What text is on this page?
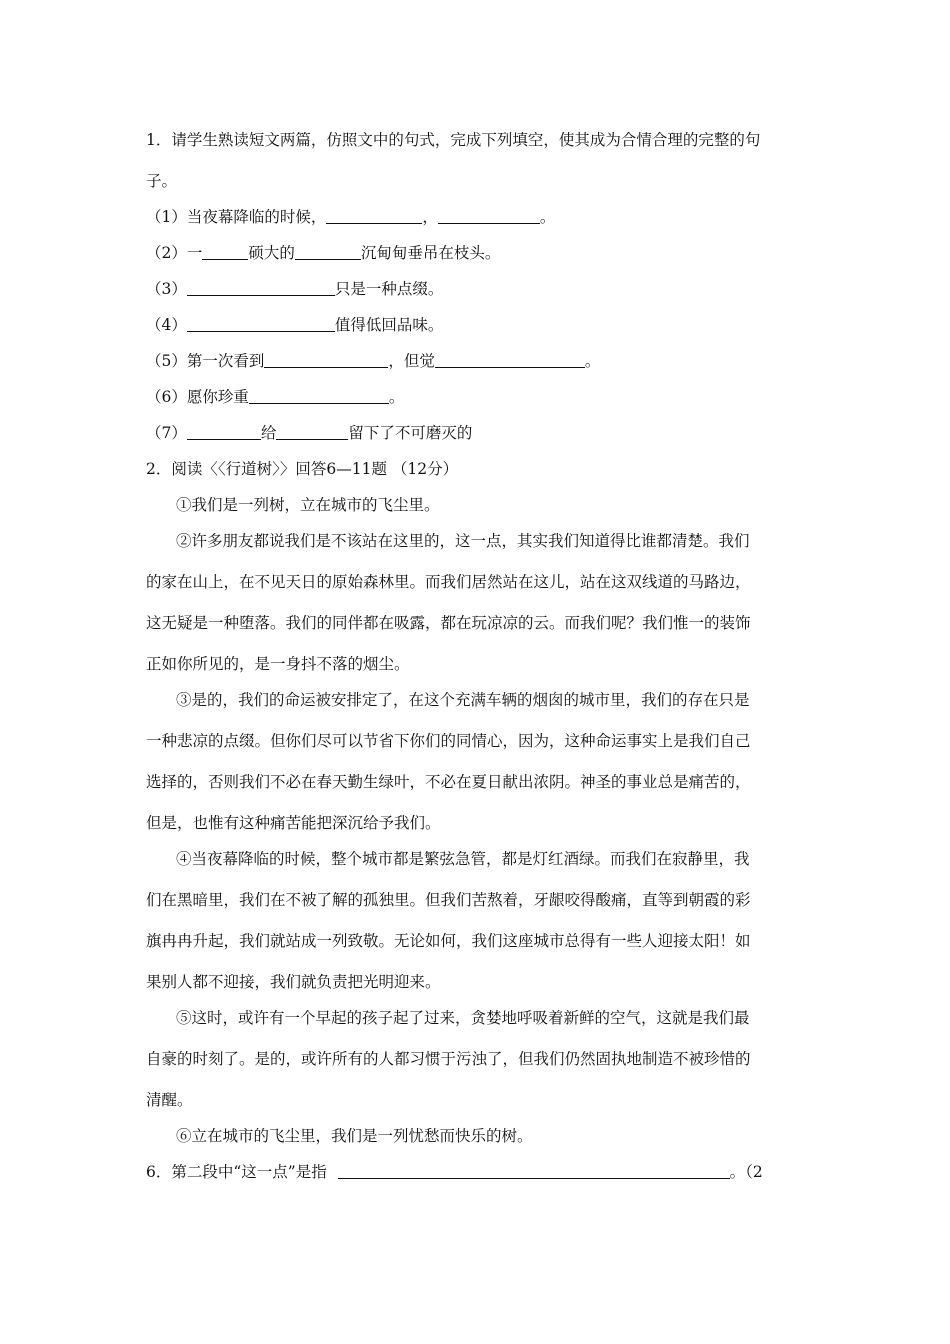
1．请学生熟读短文两篇，仿照文中的句式，完成下列填空，使其成为合情合理的完整的句
子。
（1）当夜幕降临的时候，	，	。
（2）一	硕大的	沉甸甸垂吊在枝头。
（3）	只是一种点缀。
（4）	值得低回品味。
（5）第一次看到	，但觉	。
（6）愿你珍重	。
（7）	给	留下了不可磨灭的
2．阅读〈〈行道树〉〉回答6—11题 （12分）
①我们是一列树，立在城市的飞尘里。
②许多朋友都说我们是不该站在这里的，这一点，其实我们知道得比谁都清楚。我们
的家在山上，在不见天日的原始森林里。而我们居然站在这儿，站在这双线道的马路边，
这无疑是一种堕落。我们的同伴都在吸露，都在玩凉凉的云。而我们呢？我们惟一的装饰
正如你所见的，是一身抖不落的烟尘。
③是的，我们的命运被安排定了，在这个充满车辆的烟囱的城市里，我们的存在只是
一种悲凉的点缀。但你们尽可以节省下你们的同情心，因为，这种命运事实上是我们自己
选择的，否则我们不必在春天勤生绿叶，不必在夏日献出浓阴。神圣的事业总是痛苦的，
但是，也惟有这种痛苦能把深沉给予我们。
④当夜幕降临的时候，整个城市都是繁弦急管，都是灯红酒绿。而我们在寂静里，我
们在黑暗里，我们在不被了解的孤独里。但我们苦熬着，牙龈咬得酸痛，直等到朝霞的彩
旗冉冉升起，我们就站成一列致敬。无论如何，我们这座城市总得有一些人迎接太阳！如
果别人都不迎接，我们就负责把光明迎来。
⑤这时，或许有一个早起的孩子起了过来，贪婪地呼吸着新鲜的空气，这就是我们最
自豪的时刻了。是的，或许所有的人都习惯于污浊了，但我们仍然固执地制造不被珍惜的
清醒。
⑥立在城市的飞尘里，我们是一列忧愁而快乐的树。
6．第二段中“这一点”是指	。（2
